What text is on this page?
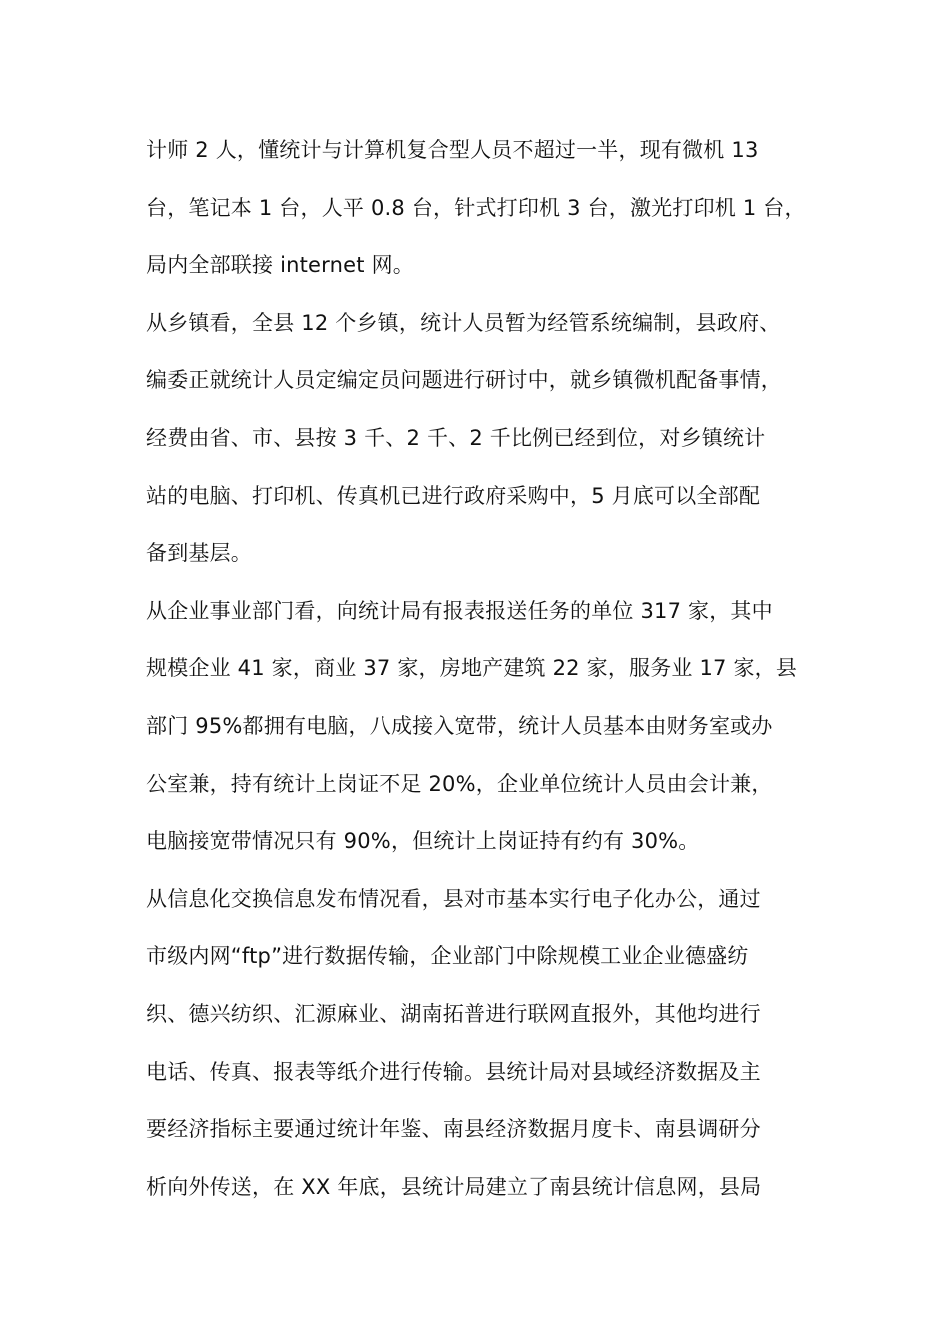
计师 2 人，懂统计与计算机复合型人员不超过一半，现有微机 13
台，笔记本 1 台，人平 0.8 台，针式打印机 3 台，激光打印机 1 台，
局内全部联接 internet 网。
从乡镇看，全县 12 个乡镇，统计人员暂为经管系统编制，县政府、
编委正就统计人员定编定员问题进行研讨中，就乡镇微机配备事情，
经费由省、市、县按 3 千、2 千、2 千比例已经到位，对乡镇统计
站的电脑、打印机、传真机已进行政府采购中，5 月底可以全部配
备到基层。
从企业事业部门看，向统计局有报表报送任务的单位 317 家，其中
规模企业 41 家，商业 37 家，房地产建筑 22 家，服务业 17 家，县
部门 95%都拥有电脑，八成接入宽带，统计人员基本由财务室或办
公室兼，持有统计上岗证不足 20%，企业单位统计人员由会计兼，
电脑接宽带情况只有 90%，但统计上岗证持有约有 30%。
从信息化交换信息发布情况看，县对市基本实行电子化办公，通过
市级内网“ftp”进行数据传输，企业部门中除规模工业企业德盛纺
织、德兴纺织、汇源麻业、湖南拓普进行联网直报外，其他均进行
电话、传真、报表等纸介进行传输。县统计局对县域经济数据及主
要经济指标主要通过统计年鉴、南县经济数据月度卡、南县调研分
析向外传送，在 XX 年底，县统计局建立了南县统计信息网，县局
